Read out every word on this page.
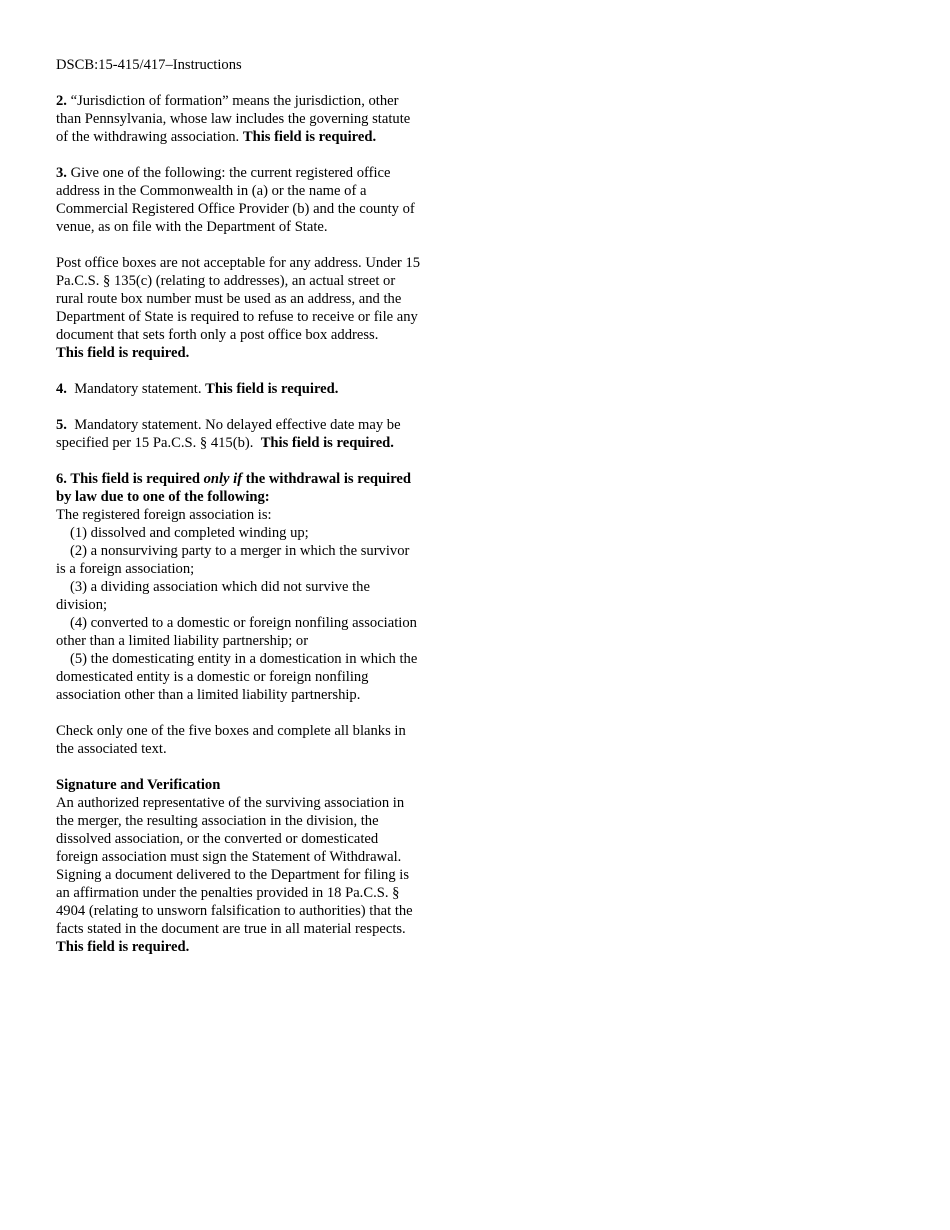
DSCB:15-415/417–Instructions
2. “Jurisdiction of formation” means the jurisdiction, other
than Pennsylvania, whose law includes the governing statute
of the withdrawing association. This field is required.
3. Give one of the following: the current registered office
address in the Commonwealth in (a) or the name of a
Commercial Registered Office Provider (b) and the county of
venue, as on file with the Department of State.
Post office boxes are not acceptable for any address. Under 15
Pa.C.S. § 135(c) (relating to addresses), an actual street or
rural route box number must be used as an address, and the
Department of State is required to refuse to receive or file any
document that sets forth only a post office box address.
This field is required.
4.  Mandatory statement. This field is required.
5.  Mandatory statement. No delayed effective date may be
specified per 15 Pa.C.S. § 415(b).  This field is required.
6. This field is required only if the withdrawal is required
by law due to one of the following:
The registered foreign association is:
(1) dissolved and completed winding up;
(2) a nonsurviving party to a merger in which the survivor
is a foreign association;
(3) a dividing association which did not survive the
division;
(4) converted to a domestic or foreign nonfiling association
other than a limited liability partnership; or
(5) the domesticating entity in a domestication in which the
domesticated entity is a domestic or foreign nonfiling
association other than a limited liability partnership.
Check only one of the five boxes and complete all blanks in
the associated text.
Signature and Verification
An authorized representative of the surviving association in
the merger, the resulting association in the division, the
dissolved association, or the converted or domesticated
foreign association must sign the Statement of Withdrawal.
Signing a document delivered to the Department for filing is
an affirmation under the penalties provided in 18 Pa.C.S. §
4904 (relating to unsworn falsification to authorities) that the
facts stated in the document are true in all material respects.
This field is required.
